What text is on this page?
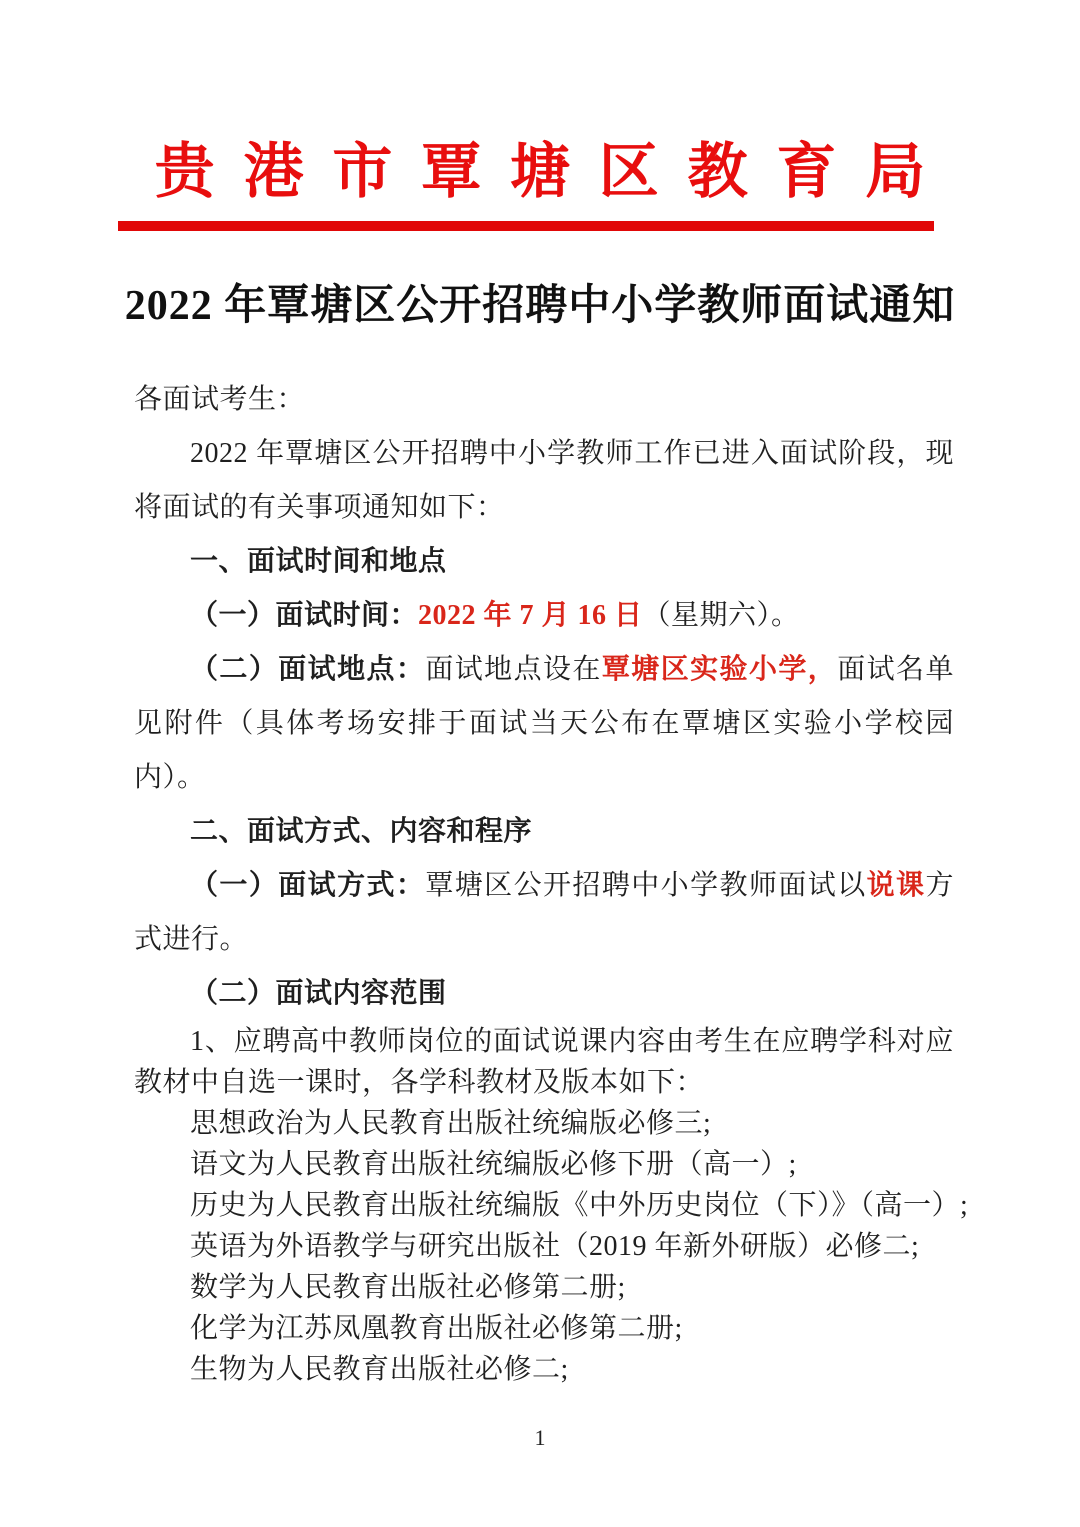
贵港市覃塘区教育局
2022 年覃塘区公开招聘中小学教师面试通知
各面试考生：
2022 年覃塘区公开招聘中小学教师工作已进入面试阶段，现将面试的有关事项通知如下：
一、面试时间和地点
（一）面试时间：2022 年 7 月 16 日（星期六）。
（二）面试地点：面试地点设在覃塘区实验小学，面试名单见附件（具体考场安排于面试当天公布在覃塘区实验小学校园内）。
二、面试方式、内容和程序
（一）面试方式：覃塘区公开招聘中小学教师面试以说课方式进行。
（二）面试内容范围
1、应聘高中教师岗位的面试说课内容由考生在应聘学科对应教材中自选一课时，各学科教材及版本如下：
思想政治为人民教育出版社统编版必修三;
语文为人民教育出版社统编版必修下册（高一）;
历史为人民教育出版社统编版《中外历史岗位（下）》（高一）;
英语为外语教学与研究出版社（2019 年新外研版）必修二;
数学为人民教育出版社必修第二册;
化学为江苏凤凰教育出版社必修第二册;
生物为人民教育出版社必修二;
1
